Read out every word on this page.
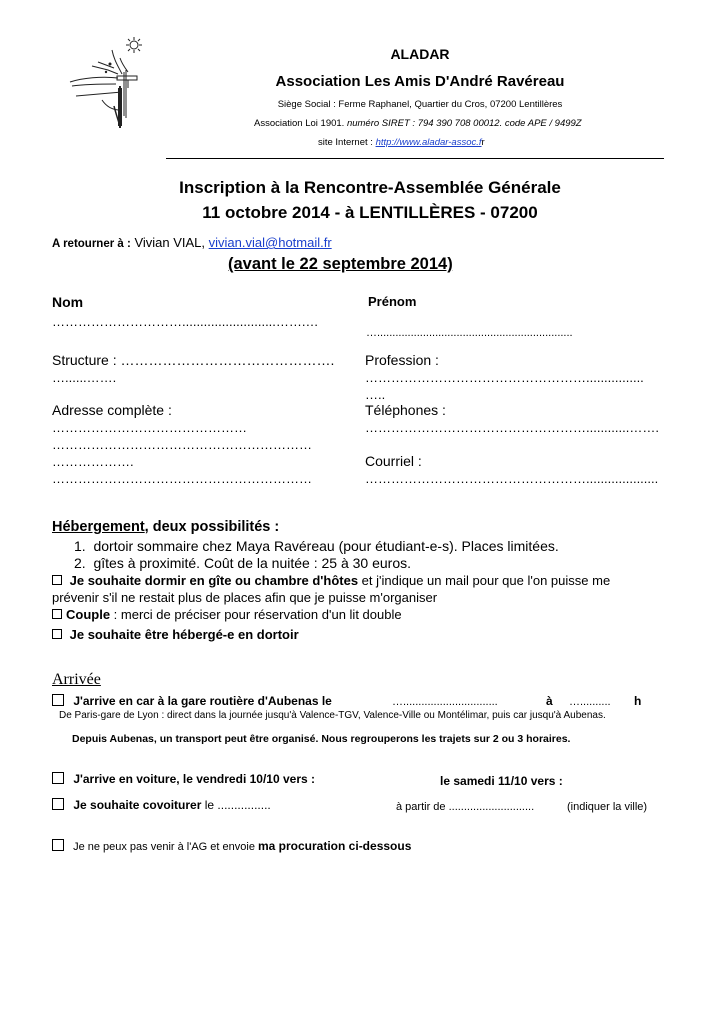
ALADAR
Association Les Amis D'André Ravéreau
Siège Social : Ferme Raphanel, Quartier du Cros, 07200 Lentillères
Association Loi 1901. numéro SIRET : 794 390 708 00012. code APE / 9499Z
site Internet : http://www.aladar-assoc.fr
Inscription à la Rencontre-Assemblée Générale
11 octobre 2014 - à LENTILLÈRES - 07200
A retourner à : Vivian VIAL, vivian.vial@hotmail.fr
(avant le 22 septembre 2014)
Nom
…………………………..........................…….…
Prénom
…................................................................
Structure : ……………………………………….
…......…….
Profession :
……………………………………………................
…..
Adresse complète :
………………………………………
……………………………………………………
……………….
……………………………………………………
Téléphones :
……………………………………………............…….
Courriel :
……………………………………………....................
Hébergement, deux possibilités :
1.  dortoir sommaire chez Maya Ravéreau (pour étudiant-e-s). Places limitées.
2.  gîtes à proximité. Coût de la nuitée : 25 à 30 euros.
Je souhaite dormir en gîte ou chambre d'hôtes et j'indique un mail pour que l'on puisse me
prévenir s'il ne restait plus de places afin que je puisse m'organiser
Couple : merci de préciser pour réservation d'un lit double
Je souhaite être hébergé-e en dortoir
Arrivée
J'arrive en car à la gare routière d'Aubenas le	…...............................	à ….......... h
De Paris-gare de Lyon : direct dans la journée jusqu'à Valence-TGV, Valence-Ville ou Montélimar, puis car jusqu'à Aubenas.
Depuis Aubenas, un transport peut être organisé. Nous regrouperons les trajets sur 2 ou 3 horaires.
J'arrive en voiture, le vendredi 10/10 vers :	le samedi 11/10 vers :
Je souhaite covoiturer le ................	à partir de ............................	(indiquer la ville)
Je ne peux pas venir à l'AG et envoie ma procuration ci-dessous
